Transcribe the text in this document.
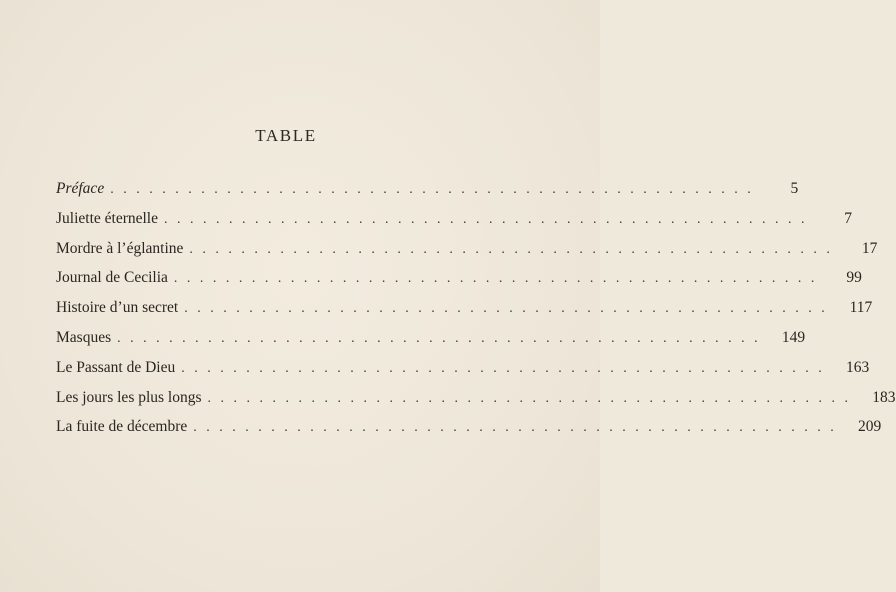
TABLE
Préface ..................................................	5
Juliette éternelle ..................................................	7
Mordre à l’églantine ..................................................	17
Journal de Cecilia ..................................................	99
Histoire d’un secret .................................................. 117
Masques .................................................. 149
Le Passant de Dieu .................................................. 163
Les jours les plus longs .................................................. 183
La fuite de décembre .................................................. 209
